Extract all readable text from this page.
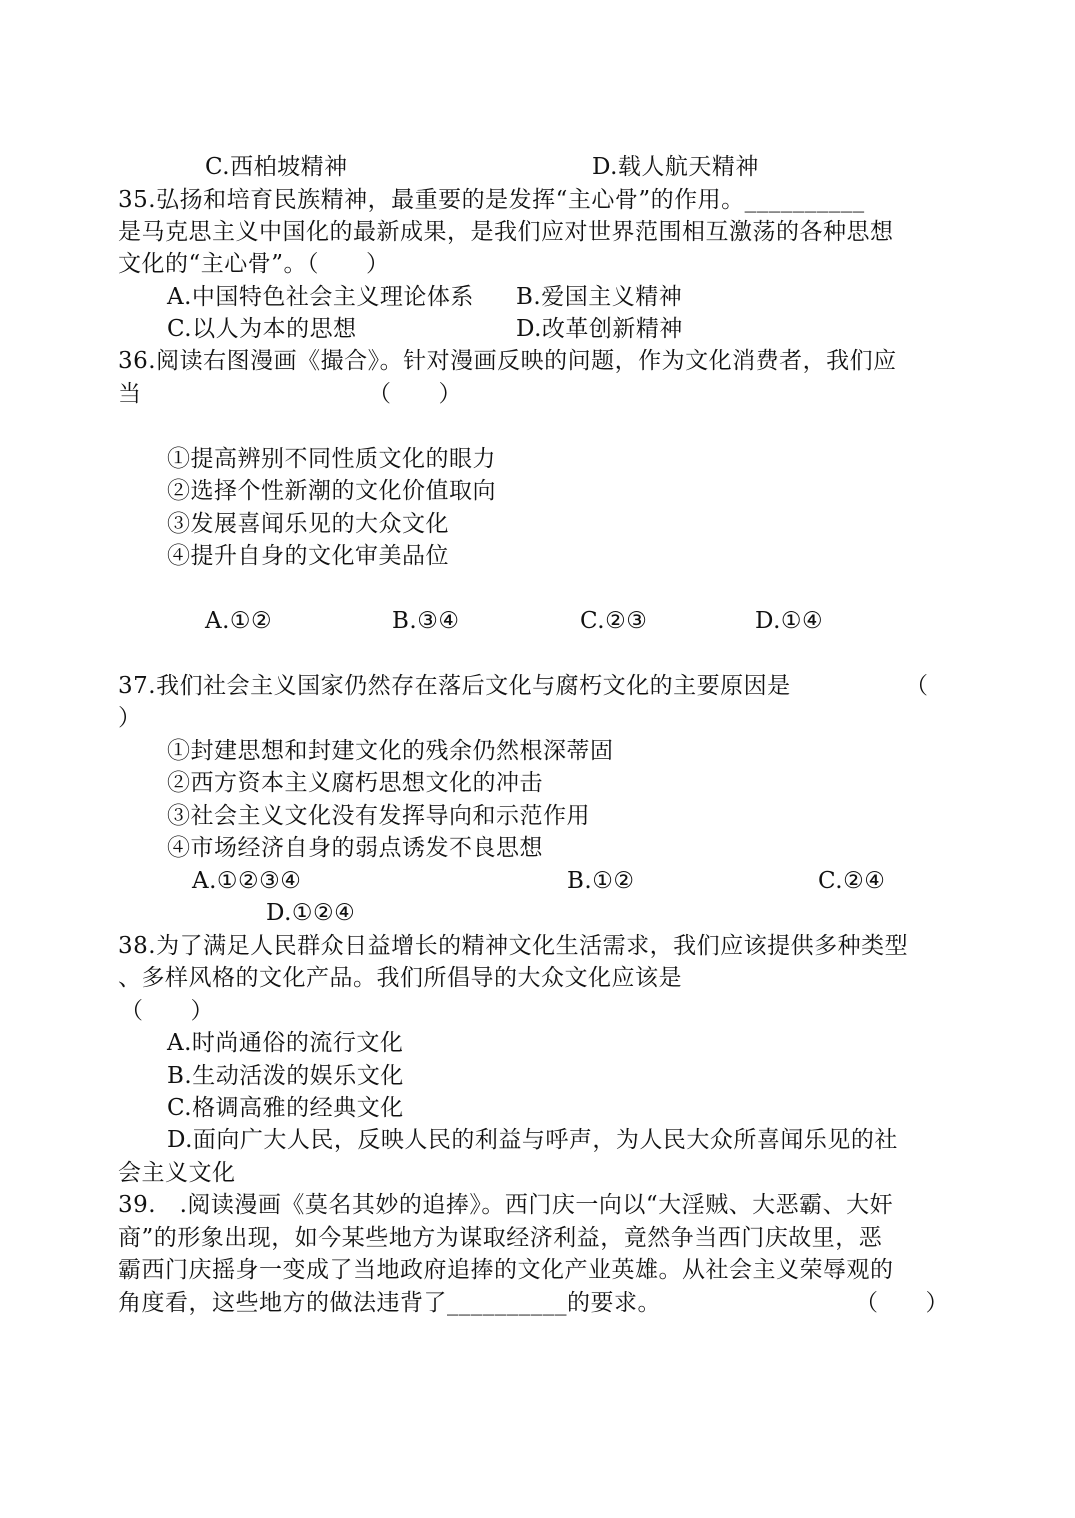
C.西柏坡精神	D.载人航天精神
35.弘扬和培育民族精神，最重要的是发挥“主心骨”的作用。__________
是马克思主义中国化的最新成果，是我们应对世界范围相互激荡的各种思想
文化的“主心骨”。（　　）
A.中国特色社会主义理论体系 B.爱国主义精神
C.以人为本的思想	D.改革创新精神
36.阅读右图漫画《撮合》。针对漫画反映的问题，作为文化消费者，我们应
当	（　　）
①提高辨别不同性质文化的眼力
②选择个性新潮的文化价值取向
③发展喜闻乐见的大众文化
④提升自身的文化审美品位
A.①②	B.③④	C.②③	D.①④
37.我们社会主义国家仍然存在落后文化与腐朽文化的主要原因是	（
）
①封建思想和封建文化的残余仍然根深蒂固
②西方资本主义腐朽思想文化的冲击
③社会主义文化没有发挥导向和示范作用
④市场经济自身的弱点诱发不良思想
A.①②③④	B.①②	C.②④
D.①②④
38.为了满足人民群众日益增长的精神文化生活需求，我们应该提供多种类型
、多样风格的文化产品。我们所倡导的大众文化应该是
（　　）
A.时尚通俗的流行文化
B.生动活泼的娱乐文化
C.格调高雅的经典文化
D.面向广大人民，反映人民的利益与呼声，为人民大众所喜闻乐见的社
会主义文化
39.　.阅读漫画《莫名其妙的追捧》。西门庆一向以“大淫贼、大恶霸、大奸
商”的形象出现，如今某些地方为谋取经济利益，竟然争当西门庆故里，恶
霸西门庆摇身一变成了当地政府追捧的文化产业英雄。从社会主义荣辱观的
角度看，这些地方的做法违背了__________的要求。	（　　）
